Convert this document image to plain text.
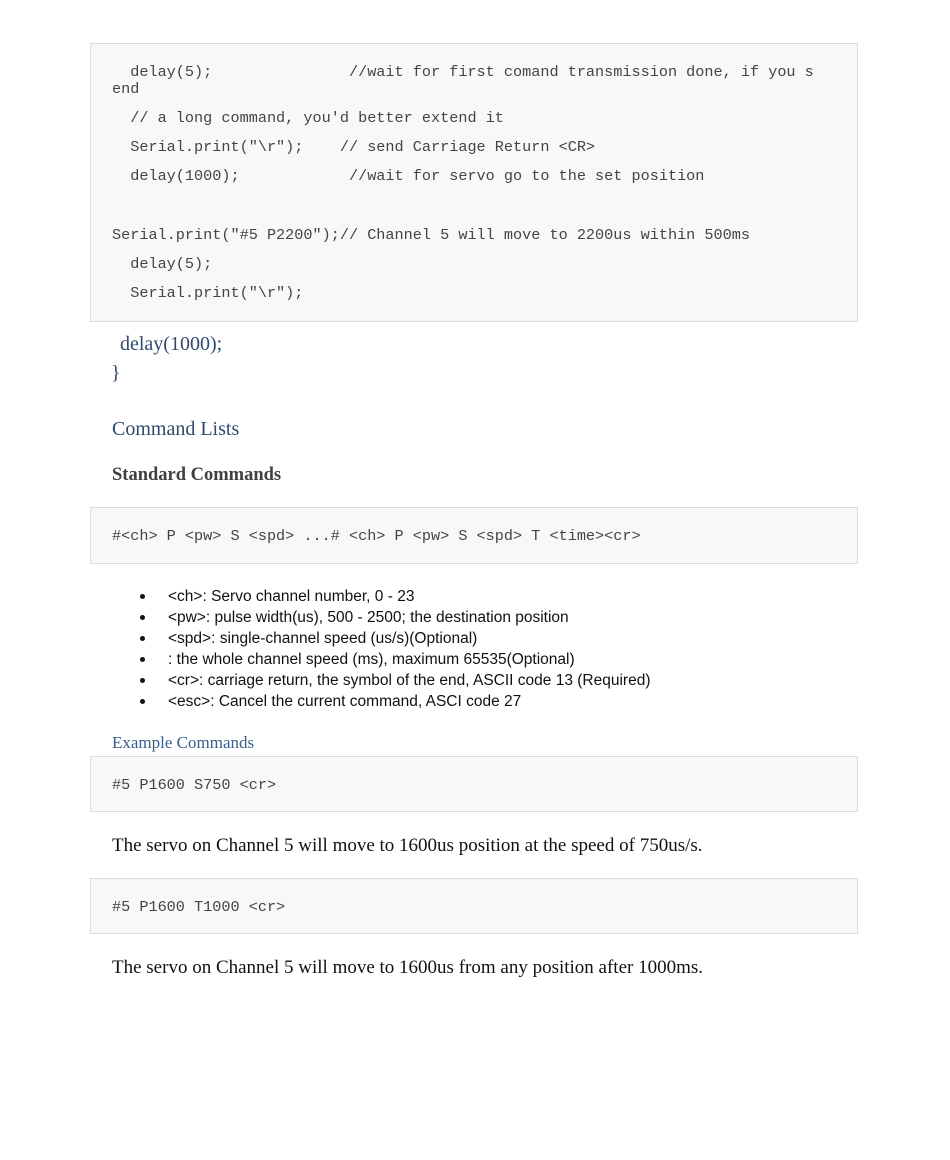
delay(5);               //wait for first comand transmission done, if you s
end
// a long command, you'd better extend it
Serial.print("\r");    // send Carriage Return <CR>
delay(1000);            //wait for servo go to the set position
Serial.print("#5 P2200");// Channel 5 will move to 2200us within 500ms
delay(5);
Serial.print("\r");
delay(1000);
}
Command Lists
Standard Commands
#<ch> P <pw> S <spd> ...# <ch> P <pw> S <spd> T <time><cr>
<ch>: Servo channel number, 0 - 23
<pw>: pulse width(us), 500 - 2500; the destination position
<spd>: single-channel speed (us/s)(Optional)
: the whole channel speed (ms), maximum 65535(Optional)
<cr>: carriage return, the symbol of the end, ASCII code 13 (Required)
<esc>: Cancel the current command, ASCI code 27
Example Commands
#5 P1600 S750 <cr>
The servo on Channel 5 will move to 1600us position at the speed of 750us/s.
#5 P1600 T1000 <cr>
The servo on Channel 5 will move to 1600us from any position after 1000ms.
